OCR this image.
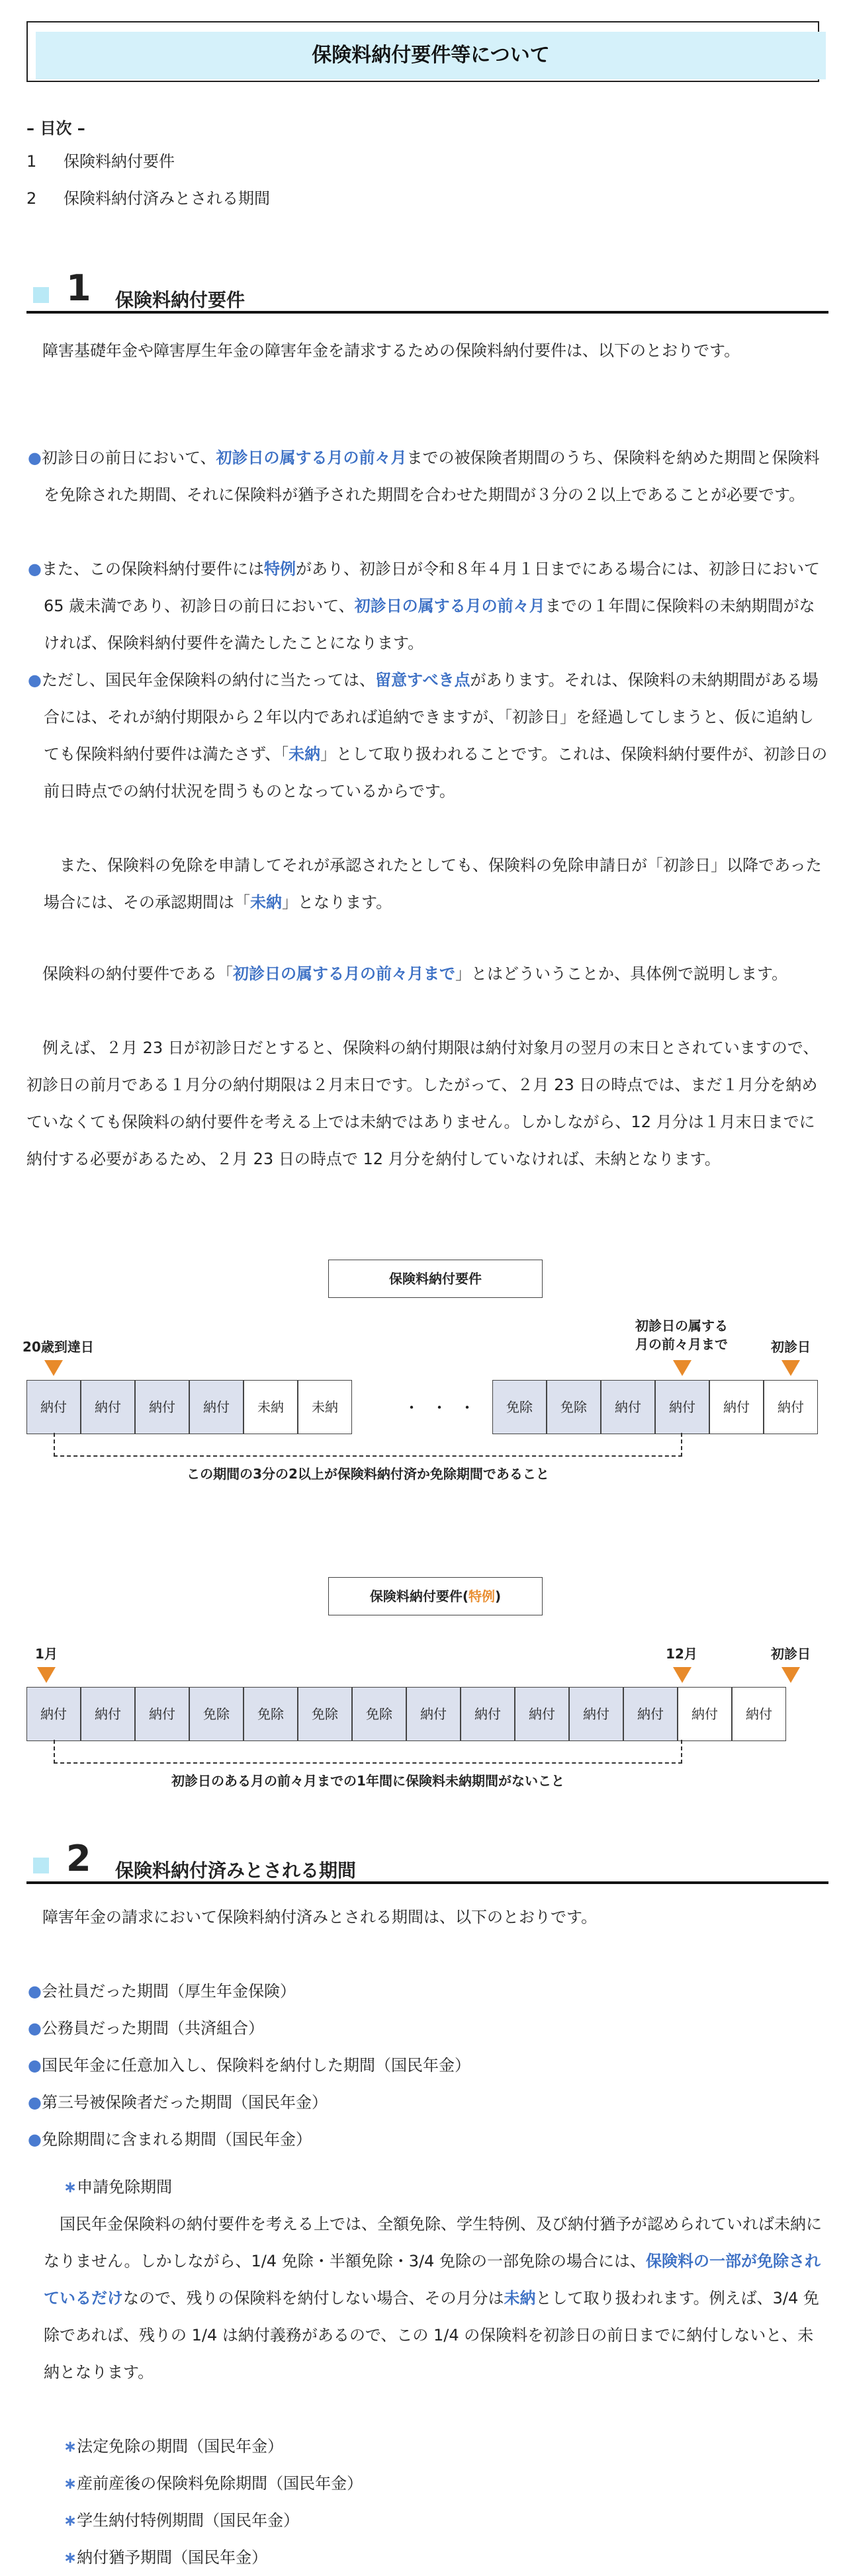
保険料納付要件等について
– 目次 –
1 保険料納付要件
2 保険料納付済みとされる期間
1 保険料納付要件
障害基礎年金や障害厚生年金の障害年金を請求するための保険料納付要件は、以下のとおりです。
●初診日の前日において、初診日の属する月の前々月までの被保険者期間のうち、保険料を納めた期間と保険料を免除された期間、それに保険料が猶予された期間を合わせた期間が３分の２以上であることが必要です。
●また、この保険料納付要件には特例があり、初診日が令和８年４月１日までにある場合には、初診日において 65 歳未満であり、初診日の前日において、初診日の属する月の前々月までの１年間に保険料の未納期間がなければ、保険料納付要件を満たしたことになります。
●ただし、国民年金保険料の納付に当たっては、留意すべき点があります。それは、保険料の未納期間がある場合には、それが納付期限から２年以内であれば追納できますが、「初診日」を経過してしまうと、仮に追納しても保険料納付要件は満たさず、「未納」として取り扱われることです。これは、保険料納付要件が、初診日の前日時点での納付状況を問うものとなっているからです。
また、保険料の免除を申請してそれが承認されたとしても、保険料の免除申請日が「初診日」以降であった場合には、その承認期間は「未納」となります。
保険料の納付要件である「初診日の属する月の前々月まで」とはどういうことか、具体例で説明します。
例えば、２月 23 日が初診日だとすると、保険料の納付期限は納付対象月の翌月の末日とされていますので、初診日の前月である１月分の納付期限は２月末日です。したがって、２月 23 日の時点では、まだ１月分を納めていなくても保険料の納付要件を考える上では未納ではありません。しかしながら、12 月分は１月末日までに納付する必要があるため、２月 23 日の時点で 12 月分を納付していなければ、未納となります。
保険料納付要件
20歳到達日
初診日の属する
月の前々月まで	初診日
納付	納付	納付	納付	未納	未納	免除	免除	納付	納付	納付	納付
・・・
この期間の3分の2以上が保険料納付済か免除期間であること
保険料納付要件(特例)
1月	12月	初診日
納付	納付	納付	免除	免除	免除	免除	納付	納付	納付	納付	納付	納付	納付
初診日のある月の前々月までの1年間に保険料未納期間がないこと
2 保険料納付済みとされる期間
障害年金の請求において保険料納付済みとされる期間は、以下のとおりです。
●会社員だった期間（厚生年金保険）
●公務員だった期間（共済組合）
●国民年金に任意加入し、保険料を納付した期間（国民年金）
●第三号被保険者だった期間（国民年金）
●免除期間に含まれる期間（国民年金）
∗申請免除期間
国民年金保険料の納付要件を考える上では、全額免除、学生特例、及び納付猶予が認められていれば未納になりません。しかしながら、1/4 免除・半額免除・3/4 免除の一部免除の場合には、保険料の一部が免除されているだけなので、残りの保険料を納付しない場合、その月分は未納として取り扱われます。例えば、3/4 免除であれば、残りの 1/4 は納付義務があるので、この 1/4 の保険料を初診日の前日までに納付しないと、未納となります。
∗法定免除の期間（国民年金）
∗産前産後の保険料免除期間（国民年金）
∗学生納付特例期間（国民年金）
∗納付猶予期間（国民年金）
